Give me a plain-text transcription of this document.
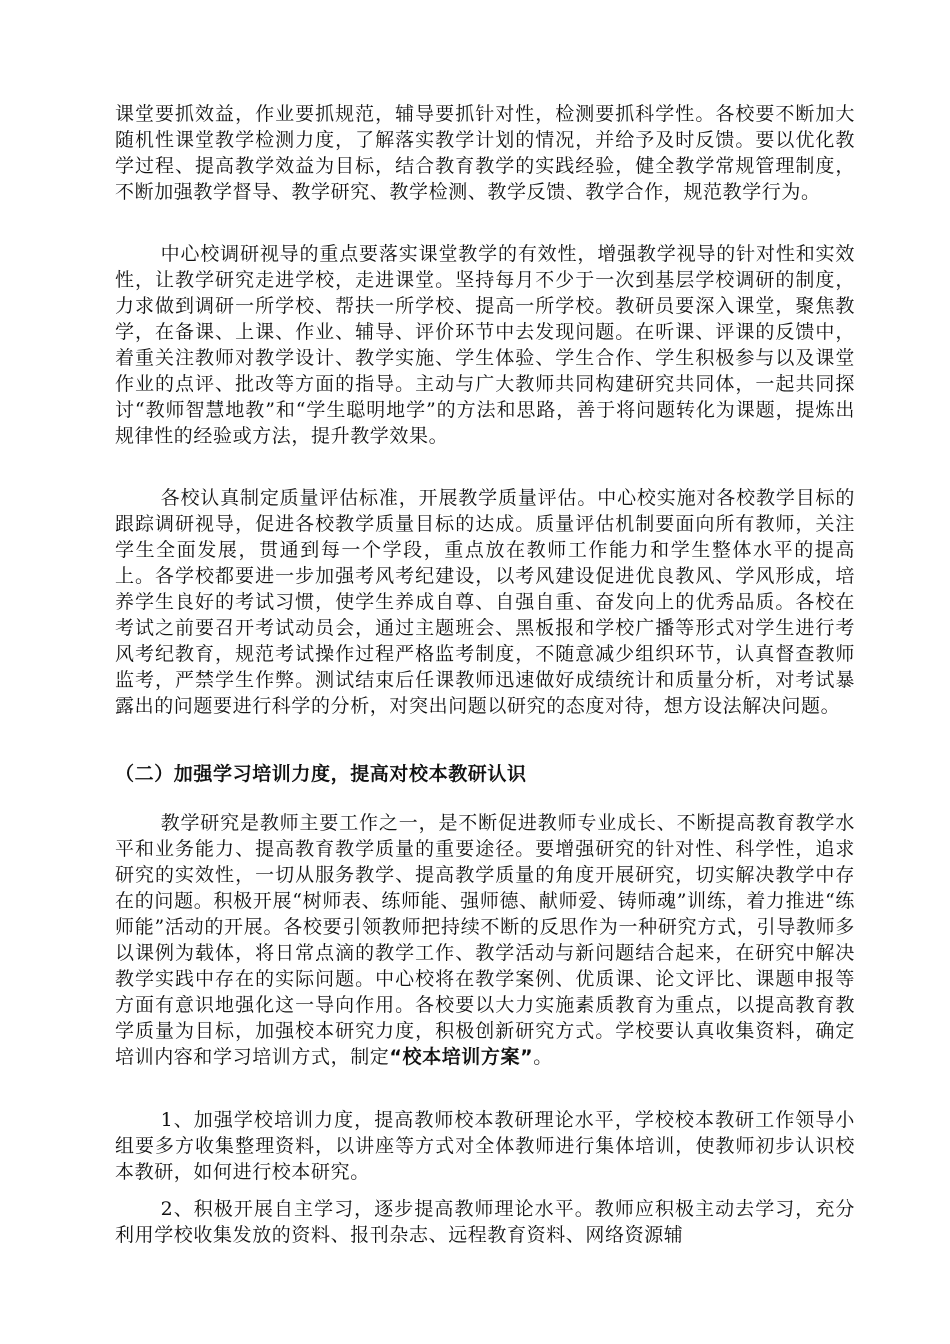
课堂要抓效益，作业要抓规范，辅导要抓针对性，检测要抓科学性。各校要不断加大随机性课堂教学检测力度，了解落实教学计划的情况，并给予及时反馈。要以优化教学过程、提高教学效益为目标，结合教育教学的实践经验，健全教学常规管理制度，不断加强教学督导、教学研究、教学检测、教学反馈、教学合作，规范教学行为。

中心校调研视导的重点要落实课堂教学的有效性，增强教学视导的针对性和实效性，让教学研究走进学校，走进课堂。坚持每月不少于一次到基层学校调研的制度，力求做到调研一所学校、帮扶一所学校、提高一所学校。教研员要深入课堂，聚焦教学，在备课、上课、作业、辅导、评价环节中去发现问题。在听课、评课的反馈中，着重关注教师对教学设计、教学实施、学生体验、学生合作、学生积极参与以及课堂作业的点评、批改等方面的指导。主动与广大教师共同构建研究共同体，一起共同探讨“教师智慧地教”和“学生聪明地学”的方法和思路，善于将问题转化为课题，提炼出规律性的经验或方法，提升教学效果。

各校认真制定质量评估标准，开展教学质量评估。中心校实施对各校教学目标的跟踪调研视导，促进各校教学质量目标的达成。质量评估机制要面向所有教师，关注学生全面发展，贯通到每一个学段，重点放在教师工作能力和学生整体水平的提高上。各学校都要进一步加强考风考纪建设，以考风建设促进优良教风、学风形成，培养学生良好的考试习惯，使学生养成自尊、自强自重、奋发向上的优秀品质。各校在考试之前要召开考试动员会，通过主题班会、黑板报和学校广播等形式对学生进行考风考纪教育，规范考试操作过程严格监考制度，不随意减少组织环节，认真督查教师监考，严禁学生作弊。测试结束后任课教师迅速做好成绩统计和质量分析，对考试暴露出的问题要进行科学的分析，对突出问题以研究的态度对待，想方设法解决问题。

（二）加强学习培训力度，提高对校本教研认识

教学研究是教师主要工作之一，是不断促进教师专业成长、不断提高教育教学水平和业务能力、提高教育教学质量的重要途径。要增强研究的针对性、科学性，追求研究的实效性，一切从服务教学、提高教学质量的角度开展研究，切实解决教学中存在的问题。积极开展“树师表、练师能、强师德、献师爱、铸师魂”训练，着力推进“练师能”活动的开展。各校要引领教师把持续不断的反思作为一种研究方式，引导教师多以课例为载体，将日常点滴的教学工作、教学活动与新问题结合起来，在研究中解决教学实践中存在的实际问题。中心校将在教学案例、优质课、论文评比、课题申报等方面有意识地强化这一导向作用。各校要以大力实施素质教育为重点，以提高教育教学质量为目标，加强校本研究力度，积极创新研究方式。学校要认真收集资料，确定培训内容和学习培训方式，制定“校本培训方案”。

1、加强学校培训力度，提高教师校本教研理论水平，学校校本教研工作领导小组要多方收集整理资料，以讲座等方式对全体教师进行集体培训，使教师初步认识校本教研，如何进行校本研究。

2、积极开展自主学习，逐步提高教师理论水平。教师应积极主动去学习，充分利用学校收集发放的资料、报刊杂志、远程教育资料、网络资源辅
